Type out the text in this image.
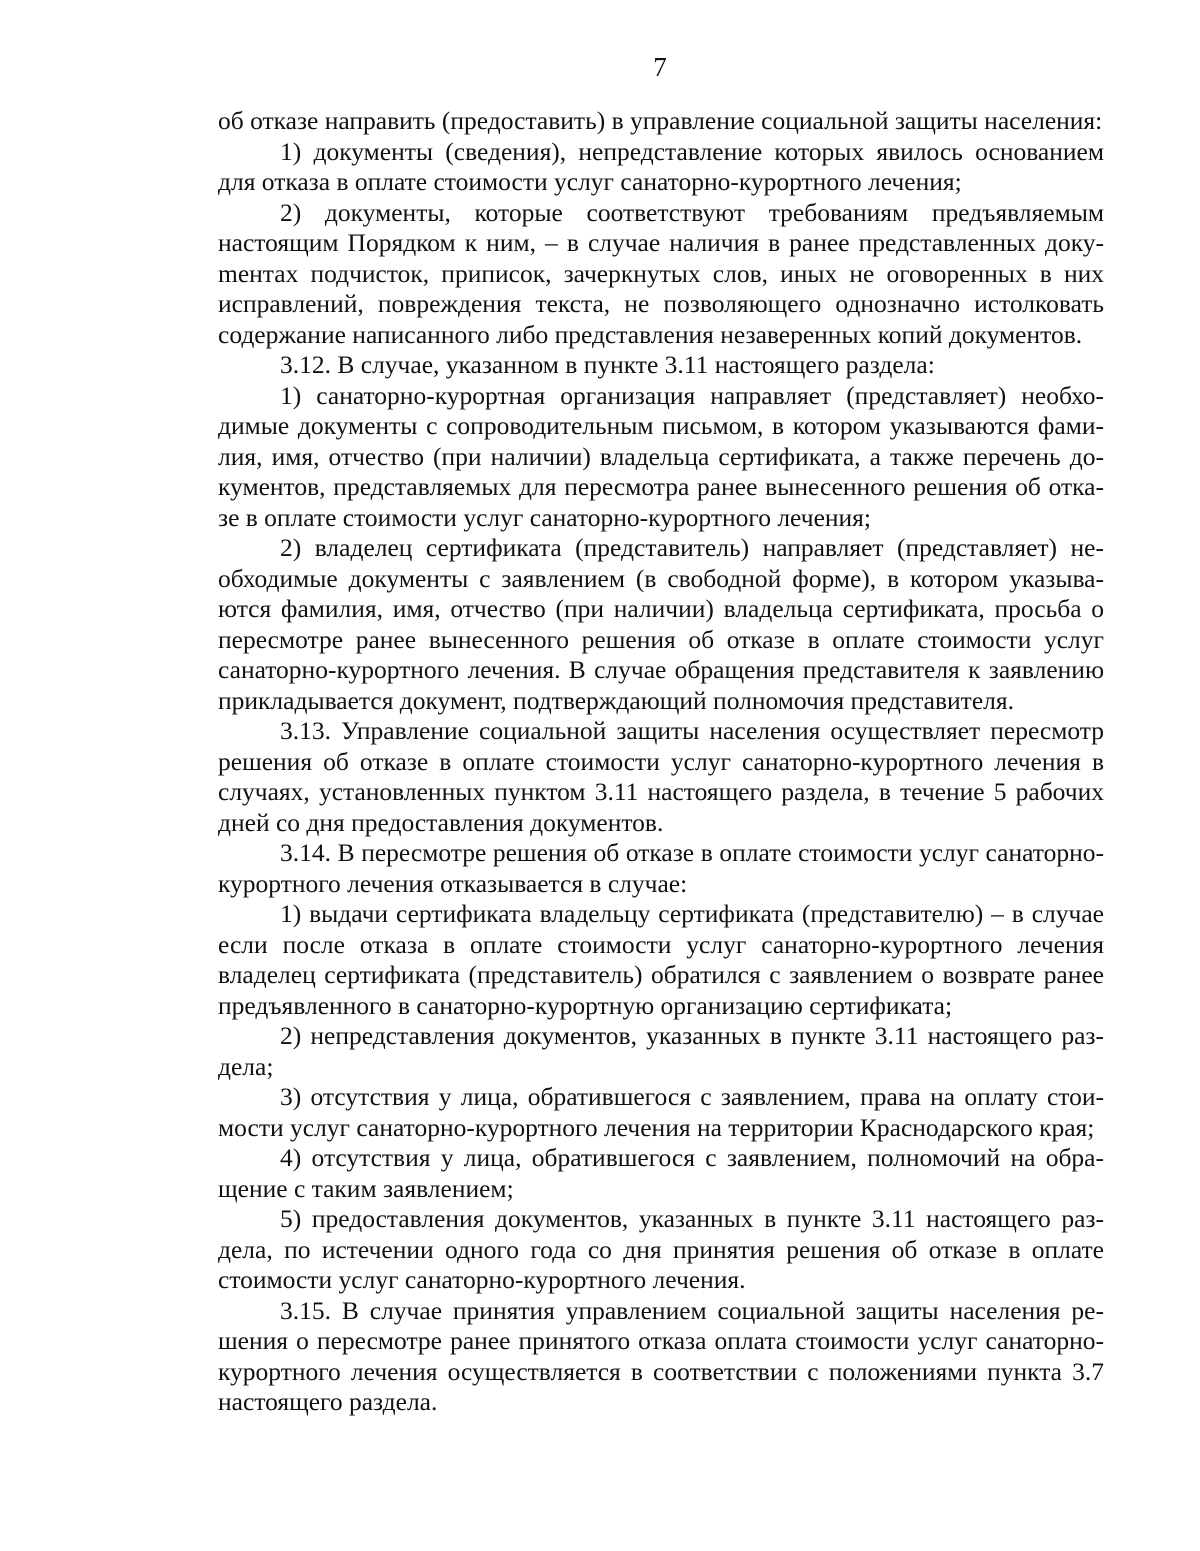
7

об отказе направить (предоставить) в управление социальной защиты населения:

1) документы (сведения), непредставление которых явилось основанием для отказа в оплате стоимости услуг санаторно-курортного лечения;

2) документы, которые соответствуют требованиям предъявляемым настоящим Порядком к ним, – в случае наличия в ранее представленных докуmентах подчисток, приписок, зачеркнутых слов, иных не оговоренных в них исправлений, повреждения текста, не позволяющего однозначно истолковать содержание написанного либо представления незаверенных копий документов.

3.12. В случае, указанном в пункте 3.11 настоящего раздела:

1) санаторно-курортная организация направляет (представляет) необходимые документы с сопроводительным письмом, в котором указываются фамилия, имя, отчество (при наличии) владельца сертификата, а также перечень документов, представляемых для пересмотра ранее вынесенного решения об отказе в оплате стоимости услуг санаторно-курортного лечения;

2) владелец сертификата (представитель) направляет (представляет) необходимые документы с заявлением (в свободной форме), в котором указываются фамилия, имя, отчество (при наличии) владельца сертификата, просьба о пересмотре ранее вынесенного решения об отказе в оплате стоимости услуг санаторно-курортного лечения. В случае обращения представителя к заявлению прикладывается документ, подтверждающий полномочия представителя.

3.13. Управление социальной защиты населения осуществляет пересмотр решения об отказе в оплате стоимости услуг санаторно-курортного лечения в случаях, установленных пунктом 3.11 настоящего раздела, в течение 5 рабочих дней со дня предоставления документов.

3.14. В пересмотре решения об отказе в оплате стоимости услуг санаторно-курортного лечения отказывается в случае:

1) выдачи сертификата владельцу сертификата (представителю) – в случае если после отказа в оплате стоимости услуг санаторно-курортного лечения владелец сертификата (представитель) обратился с заявлением о возврате ранее предъявленного в санаторно-курортную организацию сертификата;

2) непредставления документов, указанных в пункте 3.11 настоящего раздела;

3) отсутствия у лица, обратившегося с заявлением, права на оплату стоимости услуг санаторно-курортного лечения на территории Краснодарского края;

4) отсутствия у лица, обратившегося с заявлением, полномочий на обращение с таким заявлением;

5) предоставления документов, указанных в пункте 3.11 настоящего раздела, по истечении одного года со дня принятия решения об отказе в оплате стоимости услуг санаторно-курортного лечения.

3.15. В случае принятия управлением социальной защиты населения решения о пересмотре ранее принятого отказа оплата стоимости услуг санаторно-курортного лечения осуществляется в соответствии с положениями пункта 3.7 настоящего раздела.
